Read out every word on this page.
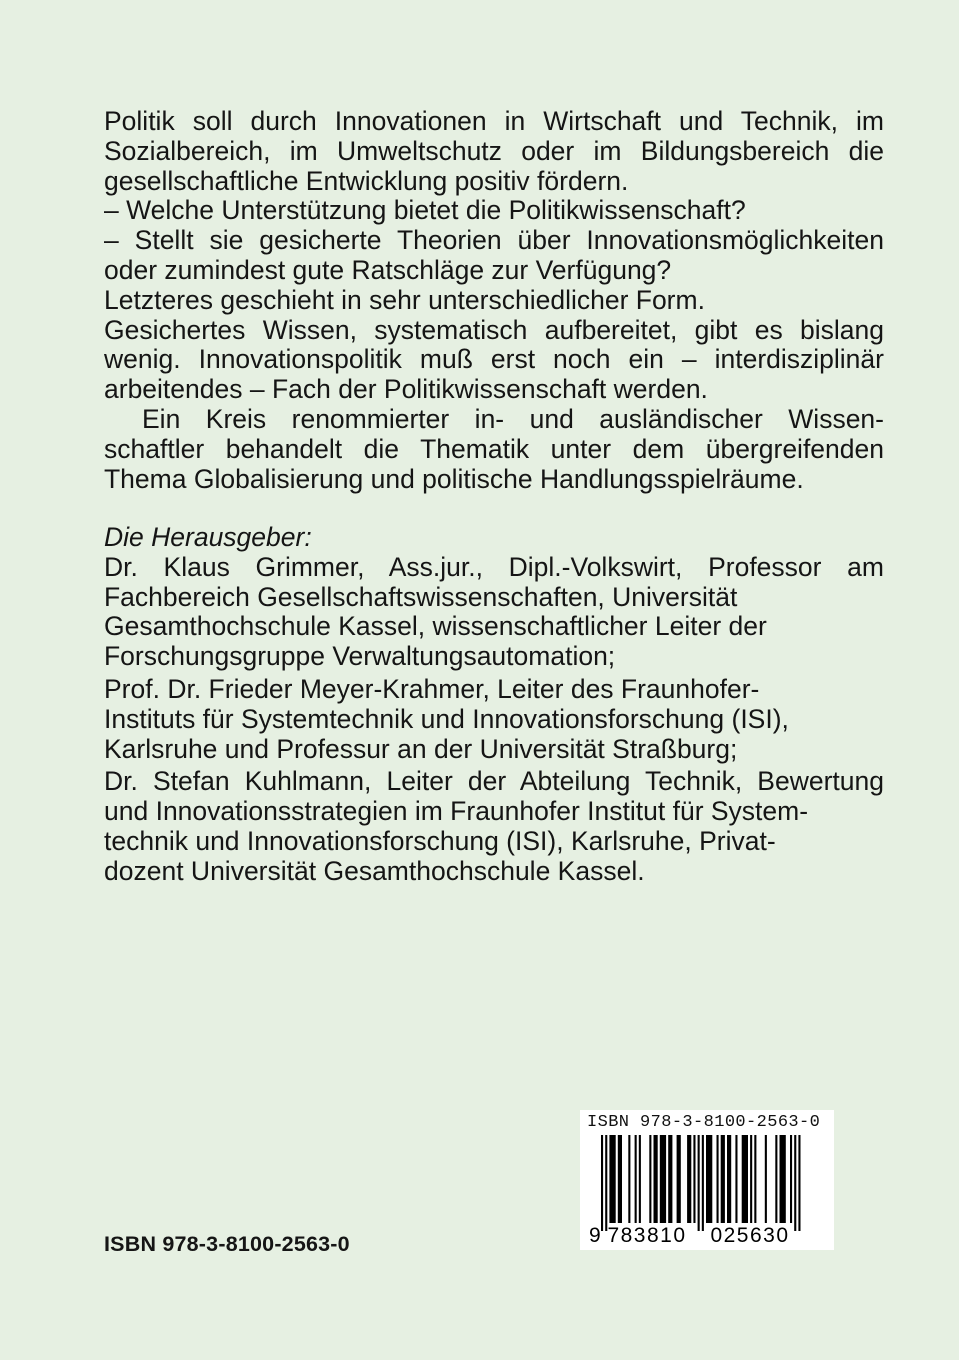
Politik soll durch Innovationen in Wirtschaft und Technik, im
Sozialbereich, im Umweltschutz oder im Bildungsbereich die
gesellschaftliche Entwicklung positiv fördern.
– Welche Unterstützung bietet die Politikwissenschaft?
– Stellt sie gesicherte Theorien über Innovationsmöglichkeiten
oder zumindest gute Ratschläge zur Verfügung?
Letzteres geschieht in sehr unterschiedlicher Form.
Gesichertes Wissen, systematisch aufbereitet, gibt es bislang
wenig. Innovationspolitik muß erst noch ein – interdisziplinär
arbeitendes – Fach der Politikwissenschaft werden.
Ein Kreis renommierter in- und ausländischer Wissen-
schaftler behandelt die Thematik unter dem übergreifenden
Thema Globalisierung und politische Handlungsspielräume.
Die Herausgeber:
Dr. Klaus Grimmer, Ass.jur., Dipl.-Volkswirt, Professor am
Fachbereich Gesellschaftswissenschaften, Universität
Gesamthochschule Kassel, wissenschaftlicher Leiter der
Forschungsgruppe Verwaltungsautomation;
Prof. Dr. Frieder Meyer-Krahmer, Leiter des Fraunhofer-
Instituts für Systemtechnik und Innovationsforschung (ISI),
Karlsruhe und Professur an der Universität Straßburg;
Dr. Stefan Kuhlmann, Leiter der Abteilung Technik, Bewertung
und Innovationsstrategien im Fraunhofer Institut für System-
technik und Innovationsforschung (ISI), Karlsruhe, Privat-
dozent Universität Gesamthochschule Kassel.
ISBN 978-3-8100-2563-0	9 783810 025630
ISBN 978-3-8100-2563-0
